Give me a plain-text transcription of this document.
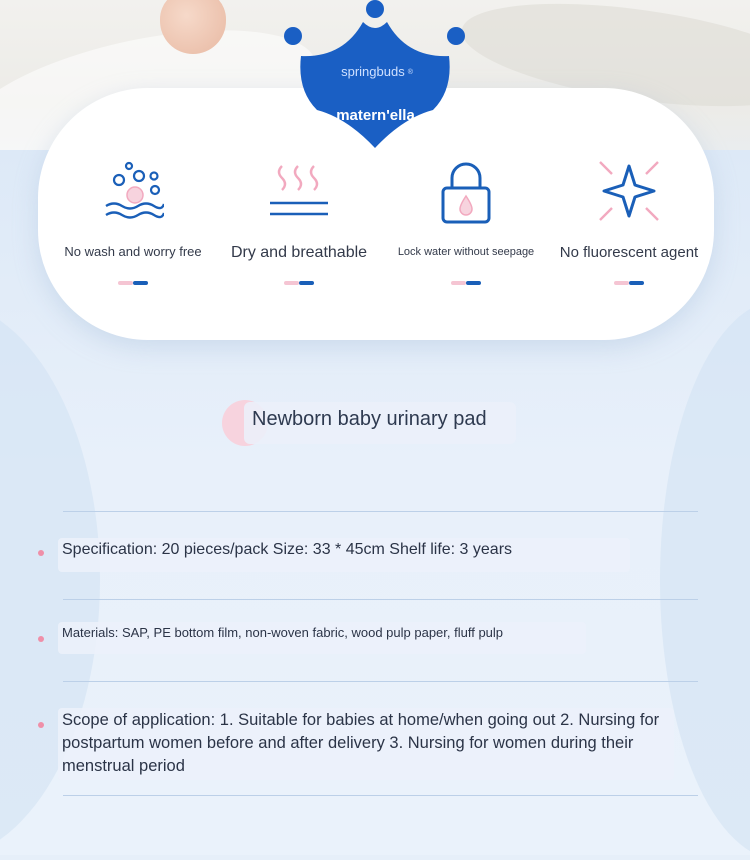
No wash and worry free	Dry and breathable	Lock water without seepage	No fluorescent agent
springbuds ®
matern'ella
Newborn baby urinary pad
Specification: 20 pieces/pack Size: 33 * 45cm Shelf life: 3 years
Materials: SAP, PE bottom film, non-woven fabric, wood pulp paper, fluff pulp
Scope of application: 1. Suitable for babies at home/when going out 2. Nursing for postpartum women before and after delivery 3. Nursing for women during their menstrual period
